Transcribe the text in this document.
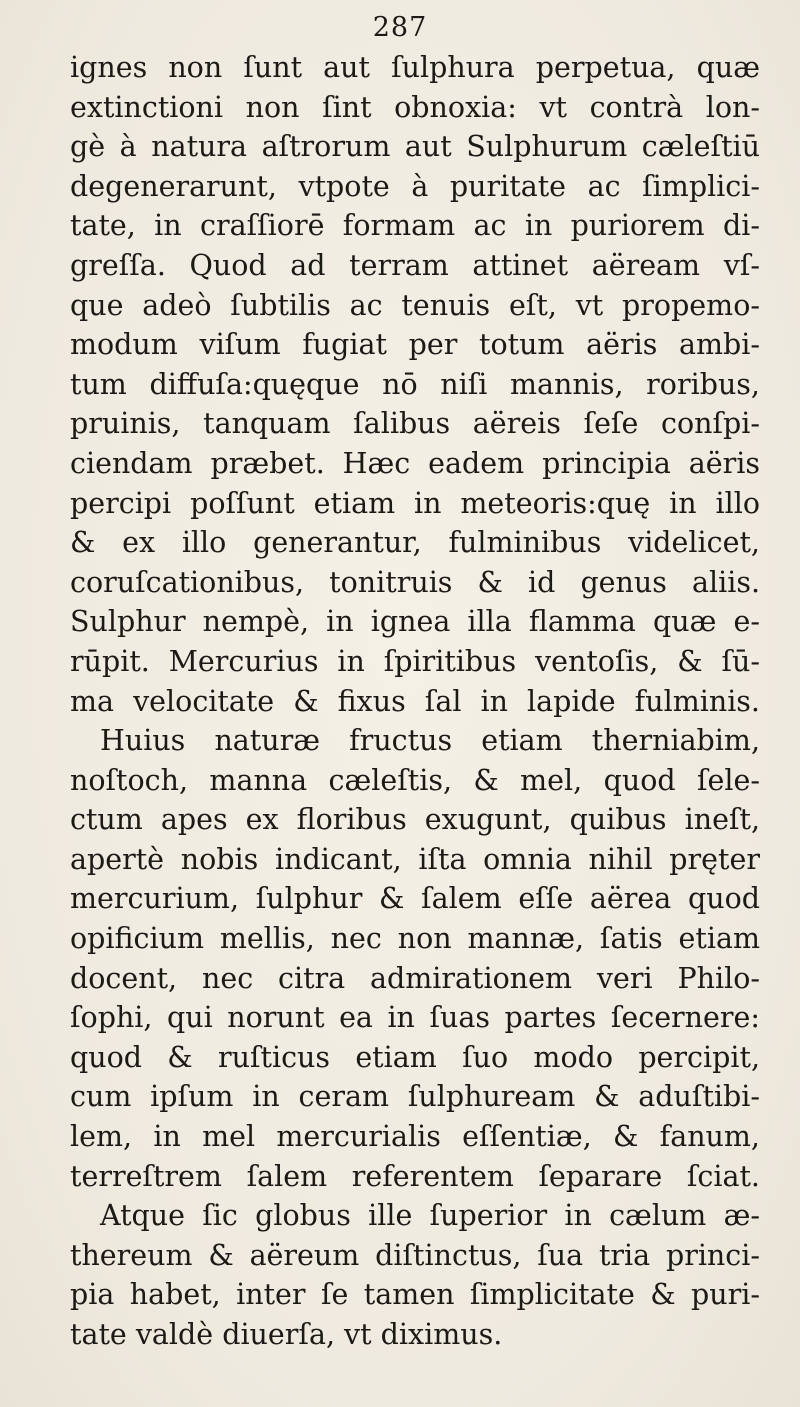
287
ignes non ſunt aut ſulphura perpetua, quæ
extinctioni non ſint obnoxia: vt contrà lon-
gè à natura aſtrorum aut Sulphurum cæleſtiū
degenerarunt, vtpote à puritate ac ſimplici-
tate, in craſſiorē formam ac in puriorem di-
greſſa. Quod ad terram attinet aëream vſ-
que adeò ſubtilis ac tenuis eſt, vt propemo-
modum viſum fugiat per totum aëris ambi-
tum diffuſa:quęque nō niſi mannis, roribus,
pruinis, tanquam ſalibus aëreis ſeſe conſpi-
ciendam præbet. Hæc eadem principia aëris
percipi poſſunt etiam in meteoris:quę in illo
& ex illo generantur, fulminibus videlicet,
coruſcationibus, tonitruis & id genus aliis.
Sulphur nempè, in ignea illa flamma quæ e-
rūpit. Mercurius in ſpiritibus ventoſis, & ſū-
ma velocitate & fixus ſal in lapide fulminis.
Huius naturæ fructus etiam therniabim,
noſtoch, manna cæleſtis, & mel, quod ſele-
ctum apes ex floribus exugunt, quibus ineſt,
apertè nobis indicant, iſta omnia nihil pręter
mercurium, ſulphur & ſalem eſſe aërea quod
opificium mellis, nec non mannæ, ſatis etiam
docent, nec citra admirationem veri Philo-
ſophi, qui norunt ea in ſuas partes ſecernere:
quod & ruſticus etiam ſuo modo percipit,
cum ipſum in ceram ſulphuream & aduſtibi-
lem, in mel mercurialis eſſentiæ, & fanum,
terreſtrem ſalem referentem ſeparare ſciat.
Atque ſic globus ille ſuperior in cælum æ-
thereum & aëreum diſtinctus, ſua tria princi-
pia habet, inter ſe tamen ſimplicitate & puri-
tate valdè diuerſa, vt diximus.
